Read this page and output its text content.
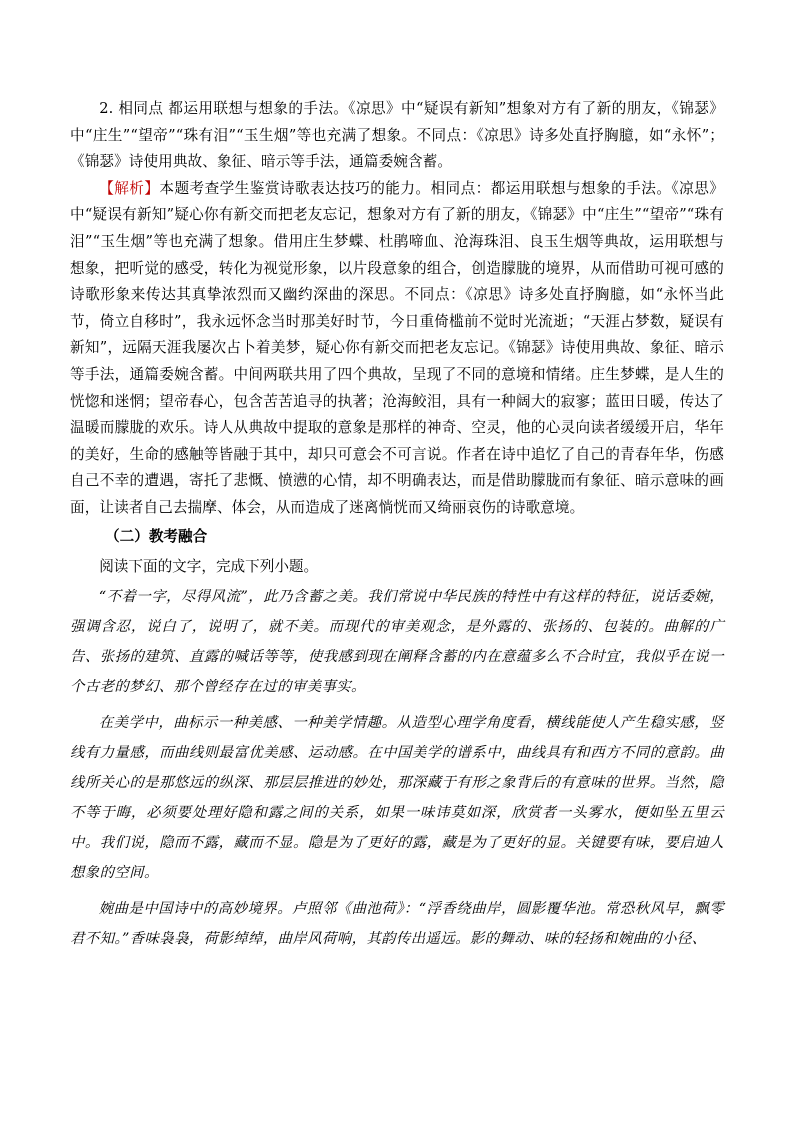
2. 相同点 都运用联想与想象的手法。《凉思》中“疑误有新知”想象对方有了新的朋友，《锦瑟》中“庄生”“望帝”“珠有泪”“玉生烟”等也充满了想象。不同点：《凉思》诗多处直抒胸臆，如“永怀”；《锦瑟》诗使用典故、象征、暗示等手法，通篇委婉含蓄。

【解析】本题考查学生鉴赏诗歌表达技巧的能力。相同点：都运用联想与想象的手法。《凉思》中“疑误有新知”疑心你有新交而把老友忘记，想象对方有了新的朋友，《锦瑟》中“庄生”“望帝”“珠有泪”“玉生烟”等也充满了想象。借用庄生梦蝶、杜鹃啼血、沧海珠泪、良玉生烟等典故，运用联想与想象，把听觉的感受，转化为视觉形象，以片段意象的组合，创造朦胧的境界，从而借助可视可感的诗歌形象来传达其真挚浓烈而又幽约深曲的深思。不同点：《凉思》诗多处直抒胸臆，如“永怀当此节，倚立自移时”，我永远怀念当时那美好时节，今日重倚槛前不觉时光流逝；“天涯占梦数，疑误有新知”，远隔天涯我屡次占卜着美梦，疑心你有新交而把老友忘记。《锦瑟》诗使用典故、象征、暗示等手法，通篇委婉含蓄。中间两联共用了四个典故，呈现了不同的意境和情绪。庄生梦蝶，是人生的恍惚和迷惘；望帝春心，包含苦苦追寻的执著；沧海鲛泪，具有一种阔大的寂寥；蓝田日暖，传达了温暖而朦胧的欢乐。诗人从典故中提取的意象是那样的神奇、空灵，他的心灵向读者缓缓开启，华年的美好，生命的感触等皆融于其中，却只可意会不可言说。作者在诗中追忆了自己的青春年华，伤感自己不幸的遭遇，寄托了悲慨、愤懑的心情，却不明确表达，而是借助朦胧而有象征、暗示意味的画面，让读者自己去揣摩、体会，从而造成了迷离惝恍而又绮丽哀伤的诗歌意境。

（二）教考融合

阅读下面的文字，完成下列小题。

“不着一字，尽得风流”，此乃含蓄之美。我们常说中华民族的特性中有这样的特征，说话委婉，强调含忍，说白了，说明了，就不美。而现代的审美观念，是外露的、张扬的、包装的。曲解的广告、张扬的建筑、直露的喊话等等，使我感到现在阐释含蓄的内在意蕴多么不合时宜，我似乎在说一个古老的梦幻、那个曾经存在过的审美事实。

在美学中，曲标示一种美感、一种美学情趣。从造型心理学角度看，横线能使人产生稳实感，竖线有力量感，而曲线则最富优美感、运动感。在中国美学的谱系中，曲线具有和西方不同的意韵。曲线所关心的是那悠远的纵深、那层层推进的妙处，那深藏于有形之象背后的有意味的世界。当然，隐不等于晦，必须要处理好隐和露之间的关系，如果一味讳莫如深，欣赏者一头雾水，便如坠五里云中。我们说，隐而不露，藏而不显。隐是为了更好的露，藏是为了更好的显。关键要有味，要启迪人想象的空间。

婉曲是中国诗中的高妙境界。卢照邻《曲池荷》：“浮香绕曲岸，圆影覆华池。常恐秋风早，飘零君不知。”香味袅袅，荷影绰绰，曲岸风荷响，其韵传出遥远。影的舞动、味的轻扬和婉曲的小径、
